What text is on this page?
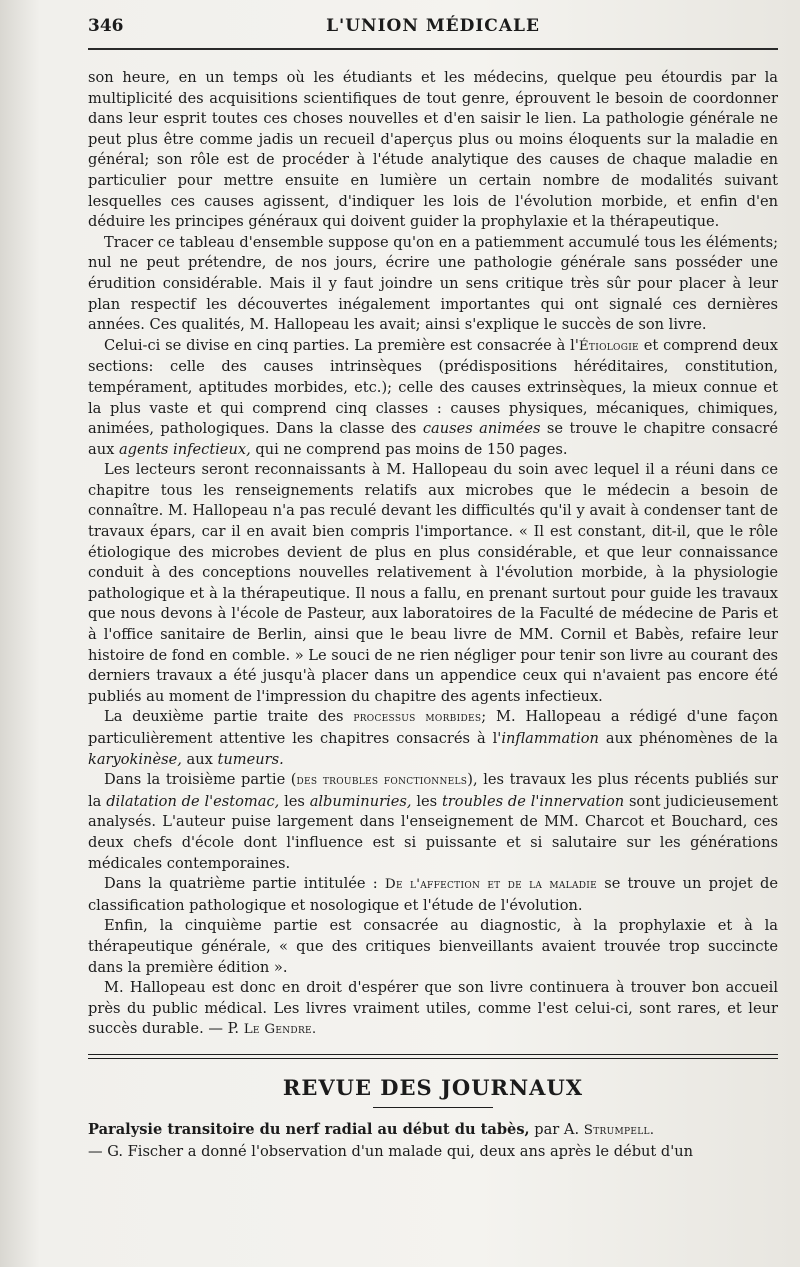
346	L'UNION MÉDICALE

son heure, en un temps où les étudiants et les médecins, quelque peu étourdis par la multiplicité des acquisitions scientifiques de tout genre, éprouvent le besoin de coordonner dans leur esprit toutes ces choses nouvelles et d'en saisir le lien. La pathologie générale ne peut plus être comme jadis un recueil d'aperçus plus ou moins éloquents sur la maladie en général; son rôle est de procéder à l'étude analytique des causes de chaque maladie en particulier pour mettre ensuite en lumière un certain nombre de modalités suivant lesquelles ces causes agissent, d'indiquer les lois de l'évolution morbide, et enfin d'en déduire les principes généraux qui doivent guider la prophylaxie et la thérapeutique.

Tracer ce tableau d'ensemble suppose qu'on en a patiemment accumulé tous les éléments; nul ne peut prétendre, de nos jours, écrire une pathologie générale sans posséder une érudition considérable. Mais il y faut joindre un sens critique très sûr pour placer à leur plan respectif les découvertes inégalement importantes qui ont signalé ces dernières années. Ces qualités, M. Hallopeau les avait; ainsi s'explique le succès de son livre.

Celui-ci se divise en cinq parties. La première est consacrée à l'Étiologie et comprend deux sections: celle des causes intrinsèques (prédispositions héréditaires, constitution, tempérament, aptitudes morbides, etc.); celle des causes extrinsèques, la mieux connue et la plus vaste et qui comprend cinq classes : causes physiques, mécaniques, chimiques, animées, pathologiques. Dans la classe des causes animées se trouve le chapitre consacré aux agents infectieux, qui ne comprend pas moins de 150 pages.

Les lecteurs seront reconnaissants à M. Hallopeau du soin avec lequel il a réuni dans ce chapitre tous les renseignements relatifs aux microbes que le médecin a besoin de connaître. M. Hallopeau n'a pas reculé devant les difficultés qu'il y avait à condenser tant de travaux épars, car il en avait bien compris l'importance. « Il est constant, dit-il, que le rôle étiologique des microbes devient de plus en plus considérable, et que leur connaissance conduit à des conceptions nouvelles relativement à l'évolution morbide, à la physiologie pathologique et à la thérapeutique. Il nous a fallu, en prenant surtout pour guide les travaux que nous devons à l'école de Pasteur, aux laboratoires de la Faculté de médecine de Paris et à l'office sanitaire de Berlin, ainsi que le beau livre de MM. Cornil et Babès, refaire leur histoire de fond en comble. » Le souci de ne rien négliger pour tenir son livre au courant des derniers travaux a été jusqu'à placer dans un appendice ceux qui n'avaient pas encore été publiés au moment de l'impression du chapitre des agents infectieux.

La deuxième partie traite des processus morbides; M. Hallopeau a rédigé d'une façon particulièrement attentive les chapitres consacrés à l'inflammation aux phénomènes de la karyokinèse, aux tumeurs.

Dans la troisième partie (des troubles fonctionnels), les travaux les plus récents publiés sur la dilatation de l'estomac, les albuminuries, les troubles de l'innervation sont judicieusement analysés. L'auteur puise largement dans l'enseignement de MM. Charcot et Bouchard, ces deux chefs d'école dont l'influence est si puissante et si salutaire sur les générations médicales contemporaines.

Dans la quatrième partie intitulée : De l'affection et de la maladie se trouve un projet de classification pathologique et nosologique et l'étude de l'évolution.

Enfin, la cinquième partie est consacrée au diagnostic, à la prophylaxie et à la thérapeutique générale, « que des critiques bienveillants avaient trouvée trop succincte dans la première édition ».

M. Hallopeau est donc en droit d'espérer que son livre continuera à trouver bon accueil près du public médical. Les livres vraiment utiles, comme l'est celui-ci, sont rares, et leur succès durable. — P. Le Gendre.

REVUE DES JOURNAUX

Paralysie transitoire du nerf radial au début du tabès, par A. Strumpell.

— G. Fischer a donné l'observation d'un malade qui, deux ans après le début d'un
